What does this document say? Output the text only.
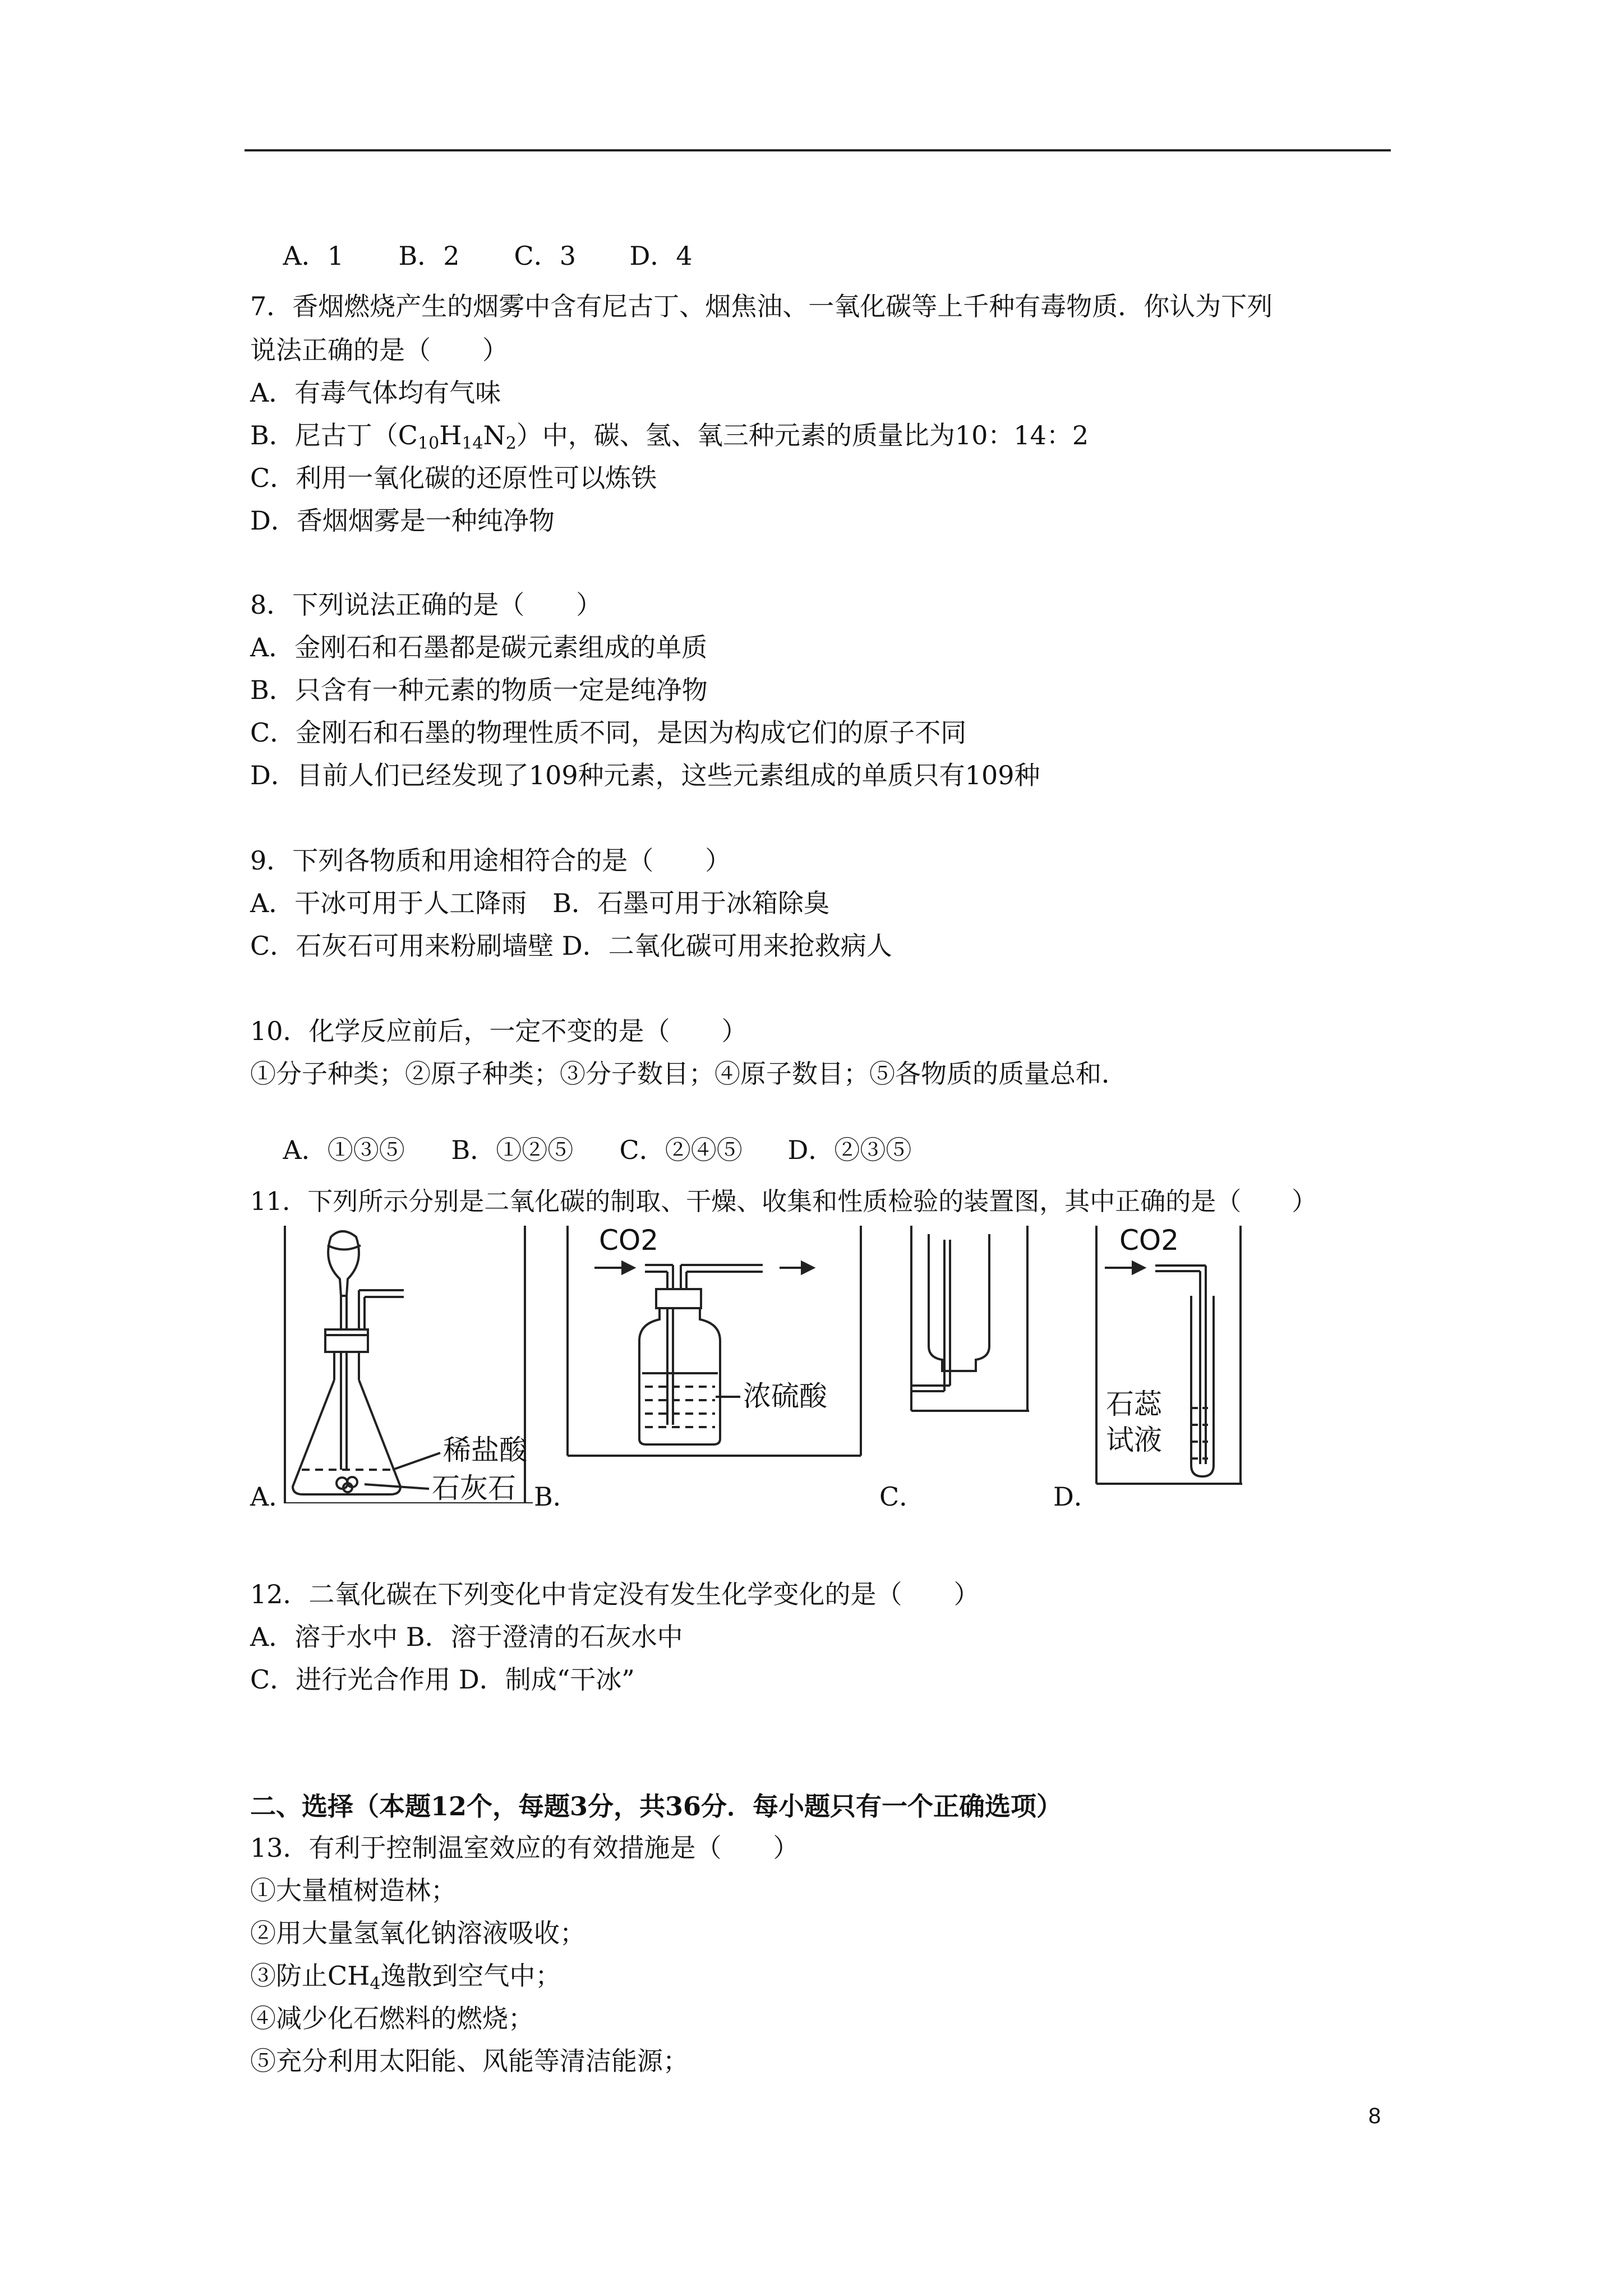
A．1 B．2 C．3 D．4

7．香烟燃烧产生的烟雾中含有尼古丁、烟焦油、一氧化碳等上千种有毒物质．你认为下列
说法正确的是（　　）
A．有毒气体均有气味
B．尼古丁$(C_{10}H_{14}N_2)$中，碳、氢、氧三种元素的质量比为10：14：2
C．利用一氧化碳的还原性可以炼铁
D．香烟烟雾是一种纯净物
8．下列说法正确的是（　　）
A．金刚石和石墨都是碳元素组成的单质
B．只含有一种元素的物质一定是纯净物
C．金刚石和石墨的物理性质不同，是因为构成它们的原子不同
D．目前人们已经发现了109种元素，这些元素组成的单质只有109种
9．下列各物质和用途相符合的是（　　）
A．干冰可用于人工降雨　B．石墨可用于冰箱除臭
C．石灰石可用来粉刷墙壁 D．二氧化碳可用来抢救病人
10．化学反应前后，一定不变的是（　　）
①分子种类；②原子种类；③分子数目；④原子数目；⑤各物质的质量总和．

A．①③⑤ B．①②⑤ C．②④⑤ D．②③⑤

11．下列所示分别是二氧化碳的制取、干燥、收集和性质检验的装置图，其中正确的是（　　）
稀盐酸
石灰石
A．
CO2
浓硫酸
B．	C．
CO2
石蕊
试液
D．
12．二氧化碳在下列变化中肯定没有发生化学变化的是（　　）
A．溶于水中 B．溶于澄清的石灰水中
C．进行光合作用 D．制成“干冰”
二、选择（本题12个，每题3分，共36分．每小题只有一个正确选项）
13．有利于控制温室效应的有效措施是（　　）
①大量植树造林；
②用大量氢氧化钠溶液吸收；
③防止$CH_4$逸散到空气中；
④减少化石燃料的燃烧；
⑤充分利用太阳能、风能等清洁能源；
8
